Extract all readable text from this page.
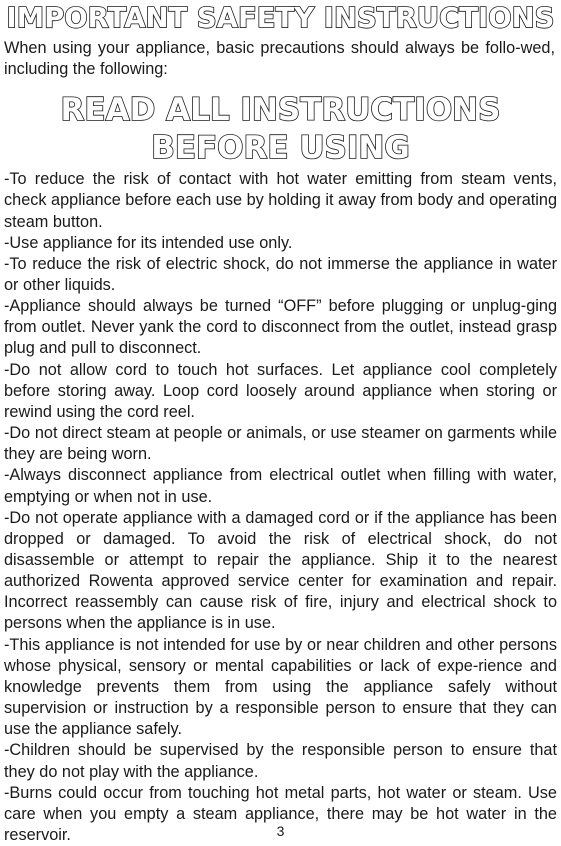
IMPORTANT SAFETY INSTRUCTIONS

When using your appliance, basic precautions should always be follo-wed, including the following:

READ ALL INSTRUCTIONS
BEFORE USING

-To reduce the risk of contact with hot water emitting from steam vents, check appliance before each use by holding it away from body and operating steam button.

-Use appliance for its intended use only.

-To reduce the risk of electric shock, do not immerse the appliance in water or other liquids.

-Appliance should always be turned “OFF” before plugging or unplug-ging from outlet. Never yank the cord to disconnect from the outlet, instead grasp plug and pull to disconnect.

-Do not allow cord to touch hot surfaces. Let appliance cool completely before storing away. Loop cord loosely around appliance when storing or rewind using the cord reel.

-Do not direct steam at people or animals, or use steamer on garments while they are being worn.

-Always disconnect appliance from electrical outlet when filling with water, emptying or when not in use.

-Do not operate appliance with a damaged cord or if the appliance has been dropped or damaged. To avoid the risk of electrical shock, do not disassemble or attempt to repair the appliance. Ship it to the nearest authorized Rowenta approved service center for examination and repair. Incorrect reassembly can cause risk of fire, injury and electrical shock to persons when the appliance is in use.

-This appliance is not intended for use by or near children and other persons whose physical, sensory or mental capabilities or lack of expe-rience and knowledge prevents them from using the appliance safely without supervision or instruction by a responsible person to ensure that they can use the appliance safely.

-Children should be supervised by the responsible person to ensure that they do not play with the appliance.

-Burns could occur from touching hot metal parts, hot water or steam. Use care when you empty a steam appliance, there may be hot water in the reservoir.	3
